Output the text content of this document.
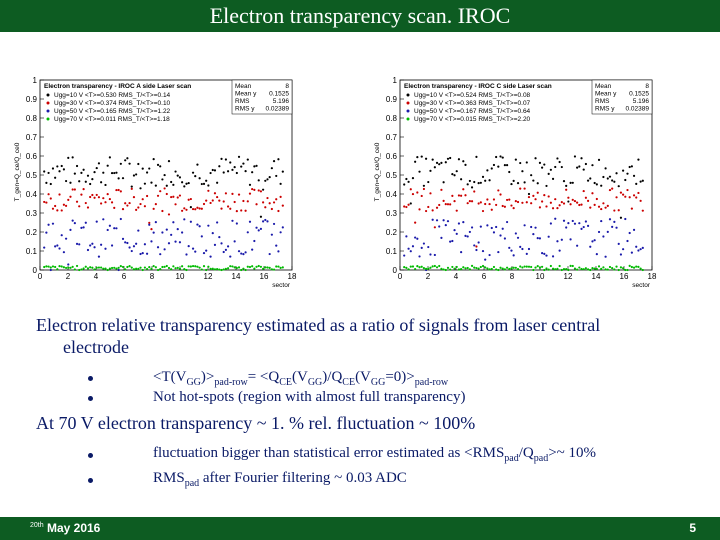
Electron transparency scan. IROC
T_gen=Q_ce/Q_ce0
0
0.1
0.2
0.3
0.4
0.5
0.6
0.7
0.8
0.9
1
0	2	4	6	8	10 12 14 16 18
sector
Electron transparency - IROC A side Laser scan
Ugg=10 V <T>=0.530 RMS_T/<T>=0.14
Ugg=30 V <T>=0.374 RMS_T/<T>=0.10
Ugg=50 V <T>=0.165 RMS_T/<T>=1.22
Ugg=70 V <T>=0.011 RMS_T/<T>=1.18
Mean	8
Mean y 0.1525
RMS	5.196
RMS y 0.02389
T_gen=Q_ce/Q_ce0
0
0.1
0.2
0.3
0.4
0.5
0.6
0.7
0.8
0.9
1
0	2	4	6	8	10 12 14 16 18
sector
Electron transparency - IROC C side Laser scan
Ugg=10 V <T>=0.524 RMS_T/<T>=0.08
Ugg=30 V <T>=0.363 RMS_T/<T>=0.07
Ugg=50 V <T>=0.167 RMS_T/<T>=0.64
Ugg=70 V <T>=0.015 RMS_T/<T>=2.20
Mean	8
Mean y 0.1525
RMS	5.196
RMS y 0.02389
Electron relative transparency estimated as a ratio of signals from laser central
electrode
$<T(V_{GG})>_{pad-row}= <Q_{CE}(V_{GG})/Q_{CE}(V_{GG}=0)>_{pad-row}$
Not hot-spots (region with almost full transparency)
At 70 V electron transparency ~ 1. % rel. fluctuation ~ 100%
fluctuation bigger than statistical error estimated as $<RMS_{pad}/Q_{pad}>\sim$ 10%
$RMS_{pad}$ after Fourier filtering ~ 0.03 ADC
$^{20th}$ May 2016	5
